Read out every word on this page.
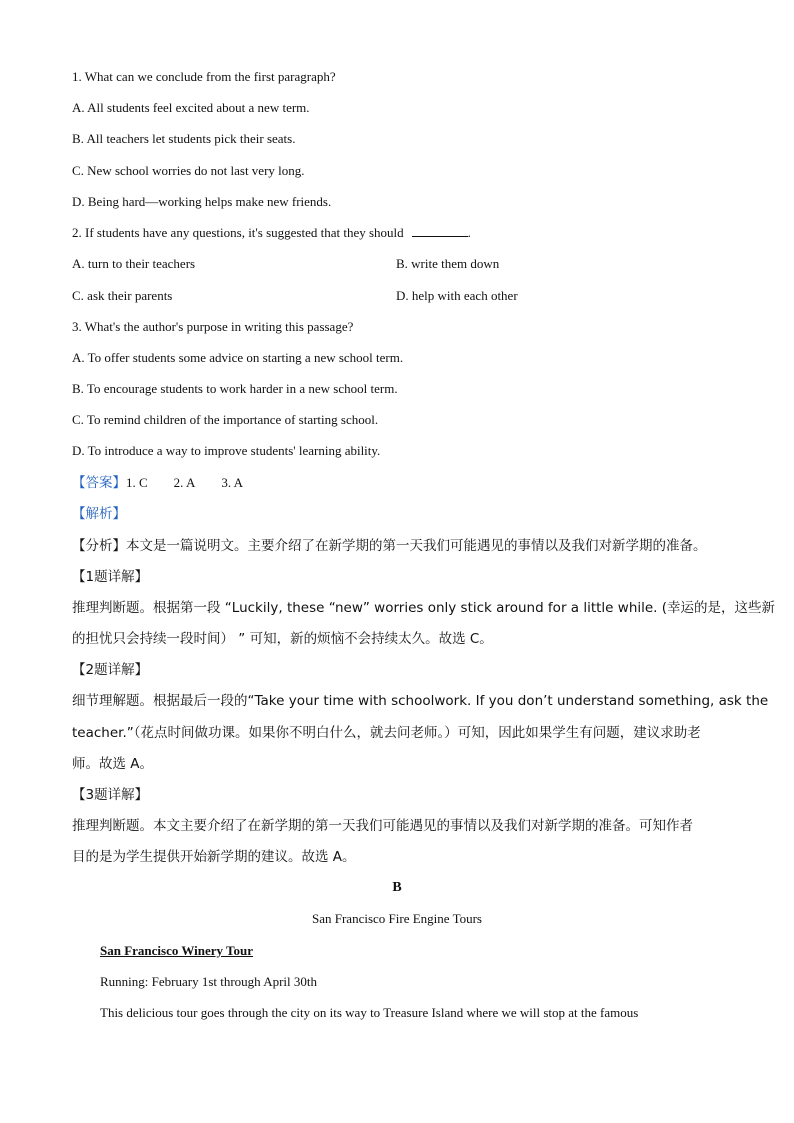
1. What can we conclude from the first paragraph?
A. All students feel excited about a new term.
B. All teachers let students pick their seats.
C. New school worries do not last very long.
D. Being hard—working helps make new friends.
2. If students have any questions, it's suggested that they should	.
A. turn to their teachers	B. write them down
C. ask their parents	D. help with each other
3. What's the author's purpose in writing this passage?
A. To offer students some advice on starting a new school term.
B. To encourage students to work harder in a new school term.
C. To remind children of the importance of starting school.
D. To introduce a way to improve students' learning ability.
【答案】1. C 2. A 3. A
【解析】
【分析】本文是一篇说明文。主要介绍了在新学期的第一天我们可能遇见的事情以及我们对新学期的准备。
【1题详解】
推理判断题。根据第一段 “Luckily, these “new” worries only stick around for a little while. (幸运的是，这些新
的担忧只会持续一段时间） ” 可知，新的烦恼不会持续太久。故选 C。
【2题详解】
细节理解题。根据最后一段的“Take your time with schoolwork. If you don’t understand something, ask the
teacher.”（花点时间做功课。如果你不明白什么，就去问老师。）可知，因此如果学生有问题，建议求助老
师。故选 A。
【3题详解】
推理判断题。本文主要介绍了在新学期的第一天我们可能遇见的事情以及我们对新学期的准备。可知作者
目的是为学生提供开始新学期的建议。故选 A。
B
San Francisco Fire Engine Tours
San Francisco Winery Tour
Running: February 1st through April 30th
This delicious tour goes through the city on its way to Treasure Island where we will stop at the famous
